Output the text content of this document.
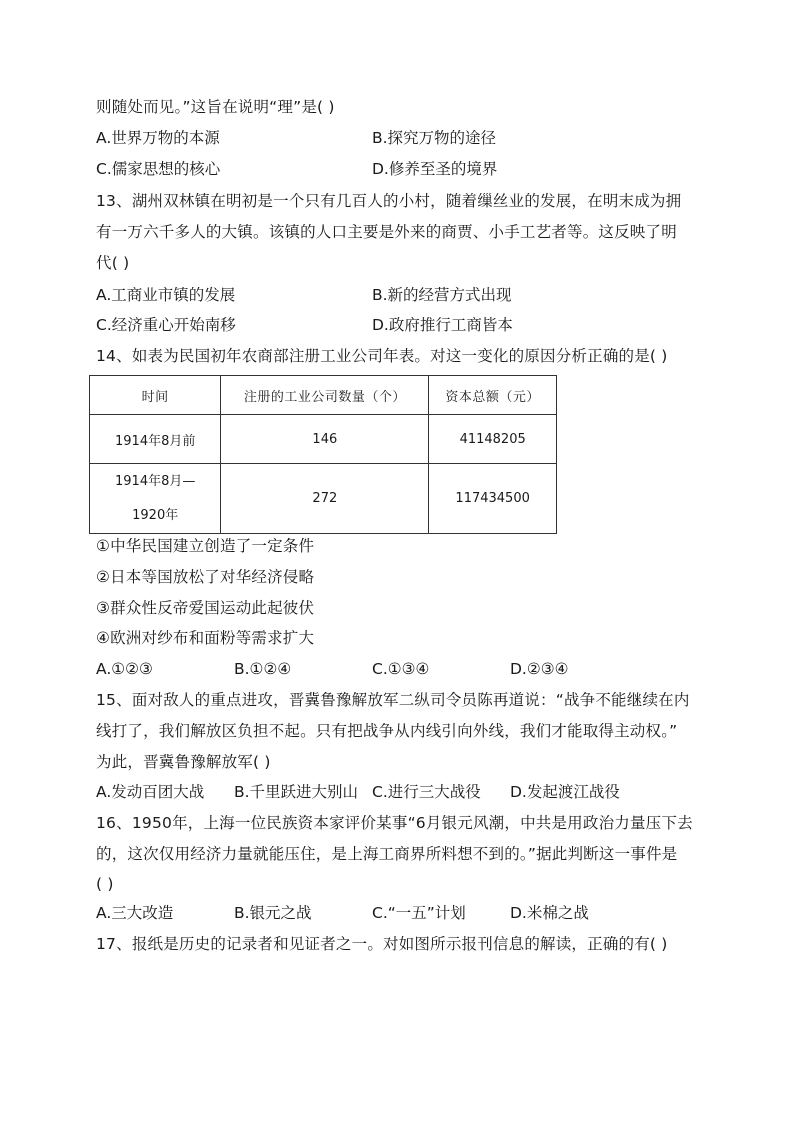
则随处而见。”这旨在说明“理”是( )
A.世界万物的本源	B.探究万物的途径
C.儒家思想的核心	D.修养至圣的境界
13、湖州双林镇在明初是一个只有几百人的小村，随着缫丝业的发展，在明末成为拥
有一万六千多人的大镇。该镇的人口主要是外来的商贾、小手工艺者等。这反映了明
代( )
A.工商业市镇的发展	B.新的经营方式出现
C.经济重心开始南移	D.政府推行工商皆本
14、如表为民国初年农商部注册工业公司年表。对这一变化的原因分析正确的是( )
时间	注册的工业公司数量（个）	资本总额（元）
1914年8月前	146	41148205

1914年8月—
1920年	272	117434500
①中华民国建立创造了一定条件
②日本等国放松了对华经济侵略
③群众性反帝爱国运动此起彼伏
④欧洲对纱布和面粉等需求扩大
A.①②③	B.①②④	C.①③④	D.②③④
15、面对敌人的重点进攻，晋冀鲁豫解放军二纵司令员陈再道说：“战争不能继续在内
线打了，我们解放区负担不起。只有把战争从内线引向外线，我们才能取得主动权。”
为此，晋冀鲁豫解放军( )
A.发动百团大战 B.千里跃进大别山 C.进行三大战役 D.发起渡江战役
16、1950年，上海一位民族资本家评价某事“6月银元风潮，中共是用政治力量压下去
的，这次仅用经济力量就能压住，是上海工商界所料想不到的。”据此判断这一事件是
( )
A.三大改造	B.银元之战	C.“一五”计划	D.米棉之战
17、报纸是历史的记录者和见证者之一。对如图所示报刊信息的解读，正确的有( )
